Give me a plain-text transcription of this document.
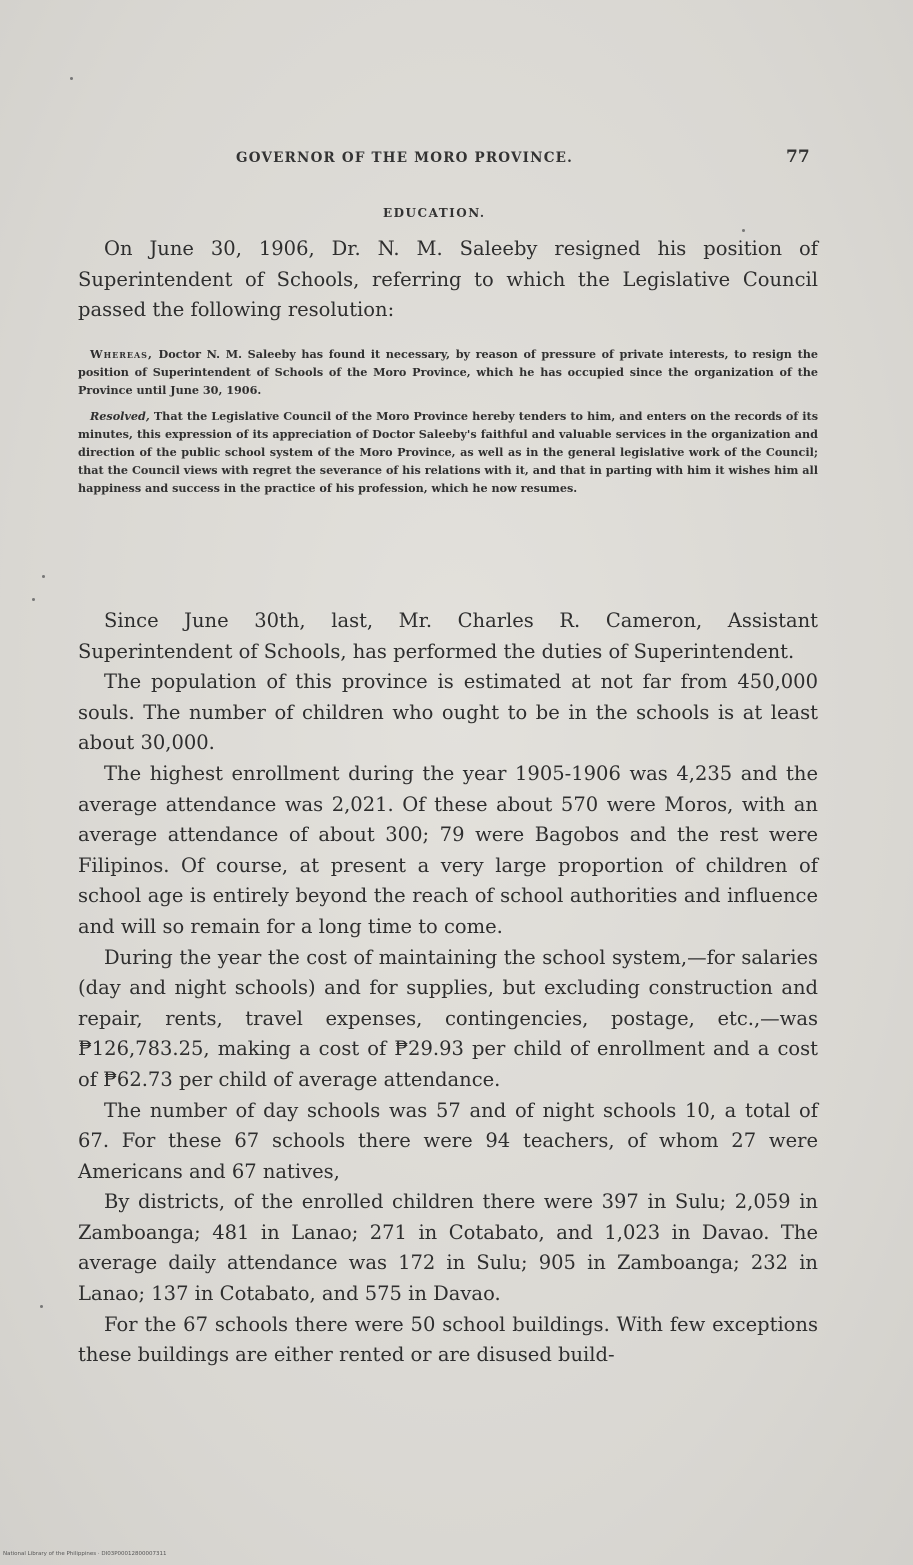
GOVERNOR OF THE MORO PROVINCE.	77
EDUCATION.

On June 30, 1906, Dr. N. M. Saleeby resigned his position of Superintendent of Schools, referring to which the Legislative Council passed the following resolution:

Whereas, Doctor N. M. Saleeby has found it necessary, by reason of pressure of private interests, to resign the position of Superintendent of Schools of the Moro Province, which he has occupied since the organization of the Province until June 30, 1906.

Resolved, That the Legislative Council of the Moro Province hereby tenders to him, and enters on the records of its minutes, this expression of its appreciation of Doctor Saleeby's faithful and valuable services in the organization and direction of the public school system of the Moro Province, as well as in the general legislative work of the Council; that the Council views with regret the severance of his relations with it, and that in parting with him it wishes him all happiness and success in the practice of his profession, which he now resumes.

Since June 30th, last, Mr. Charles R. Cameron, Assistant Superintendent of Schools, has performed the duties of Superintendent.

The population of this province is estimated at not far from 450,000 souls. The number of children who ought to be in the schools is at least about 30,000.

The highest enrollment during the year 1905-1906 was 4,235 and the average attendance was 2,021. Of these about 570 were Moros, with an average attendance of about 300; 79 were Bagobos and the rest were Filipinos. Of course, at present a very large proportion of children of school age is entirely beyond the reach of school authorities and influence and will so remain for a long time to come.

During the year the cost of maintaining the school system,—for salaries (day and night schools) and for supplies, but excluding construction and repair, rents, travel expenses, contingencies, postage, etc.,—was ₱126,783.25, making a cost of ₱29.93 per child of enrollment and a cost of ₱62.73 per child of average attendance.

The number of day schools was 57 and of night schools 10, a total of 67. For these 67 schools there were 94 teachers, of whom 27 were Americans and 67 natives,

By districts, of the enrolled children there were 397 in Sulu; 2,059 in Zamboanga; 481 in Lanao; 271 in Cotabato, and 1,023 in Davao. The average daily attendance was 172 in Sulu; 905 in Zamboanga; 232 in Lanao; 137 in Cotabato, and 575 in Davao.

For the 67 schools there were 50 school buildings. With few exceptions these buildings are either rented or are disused build-

National Library of the Philippines · DI03P00012800007311
